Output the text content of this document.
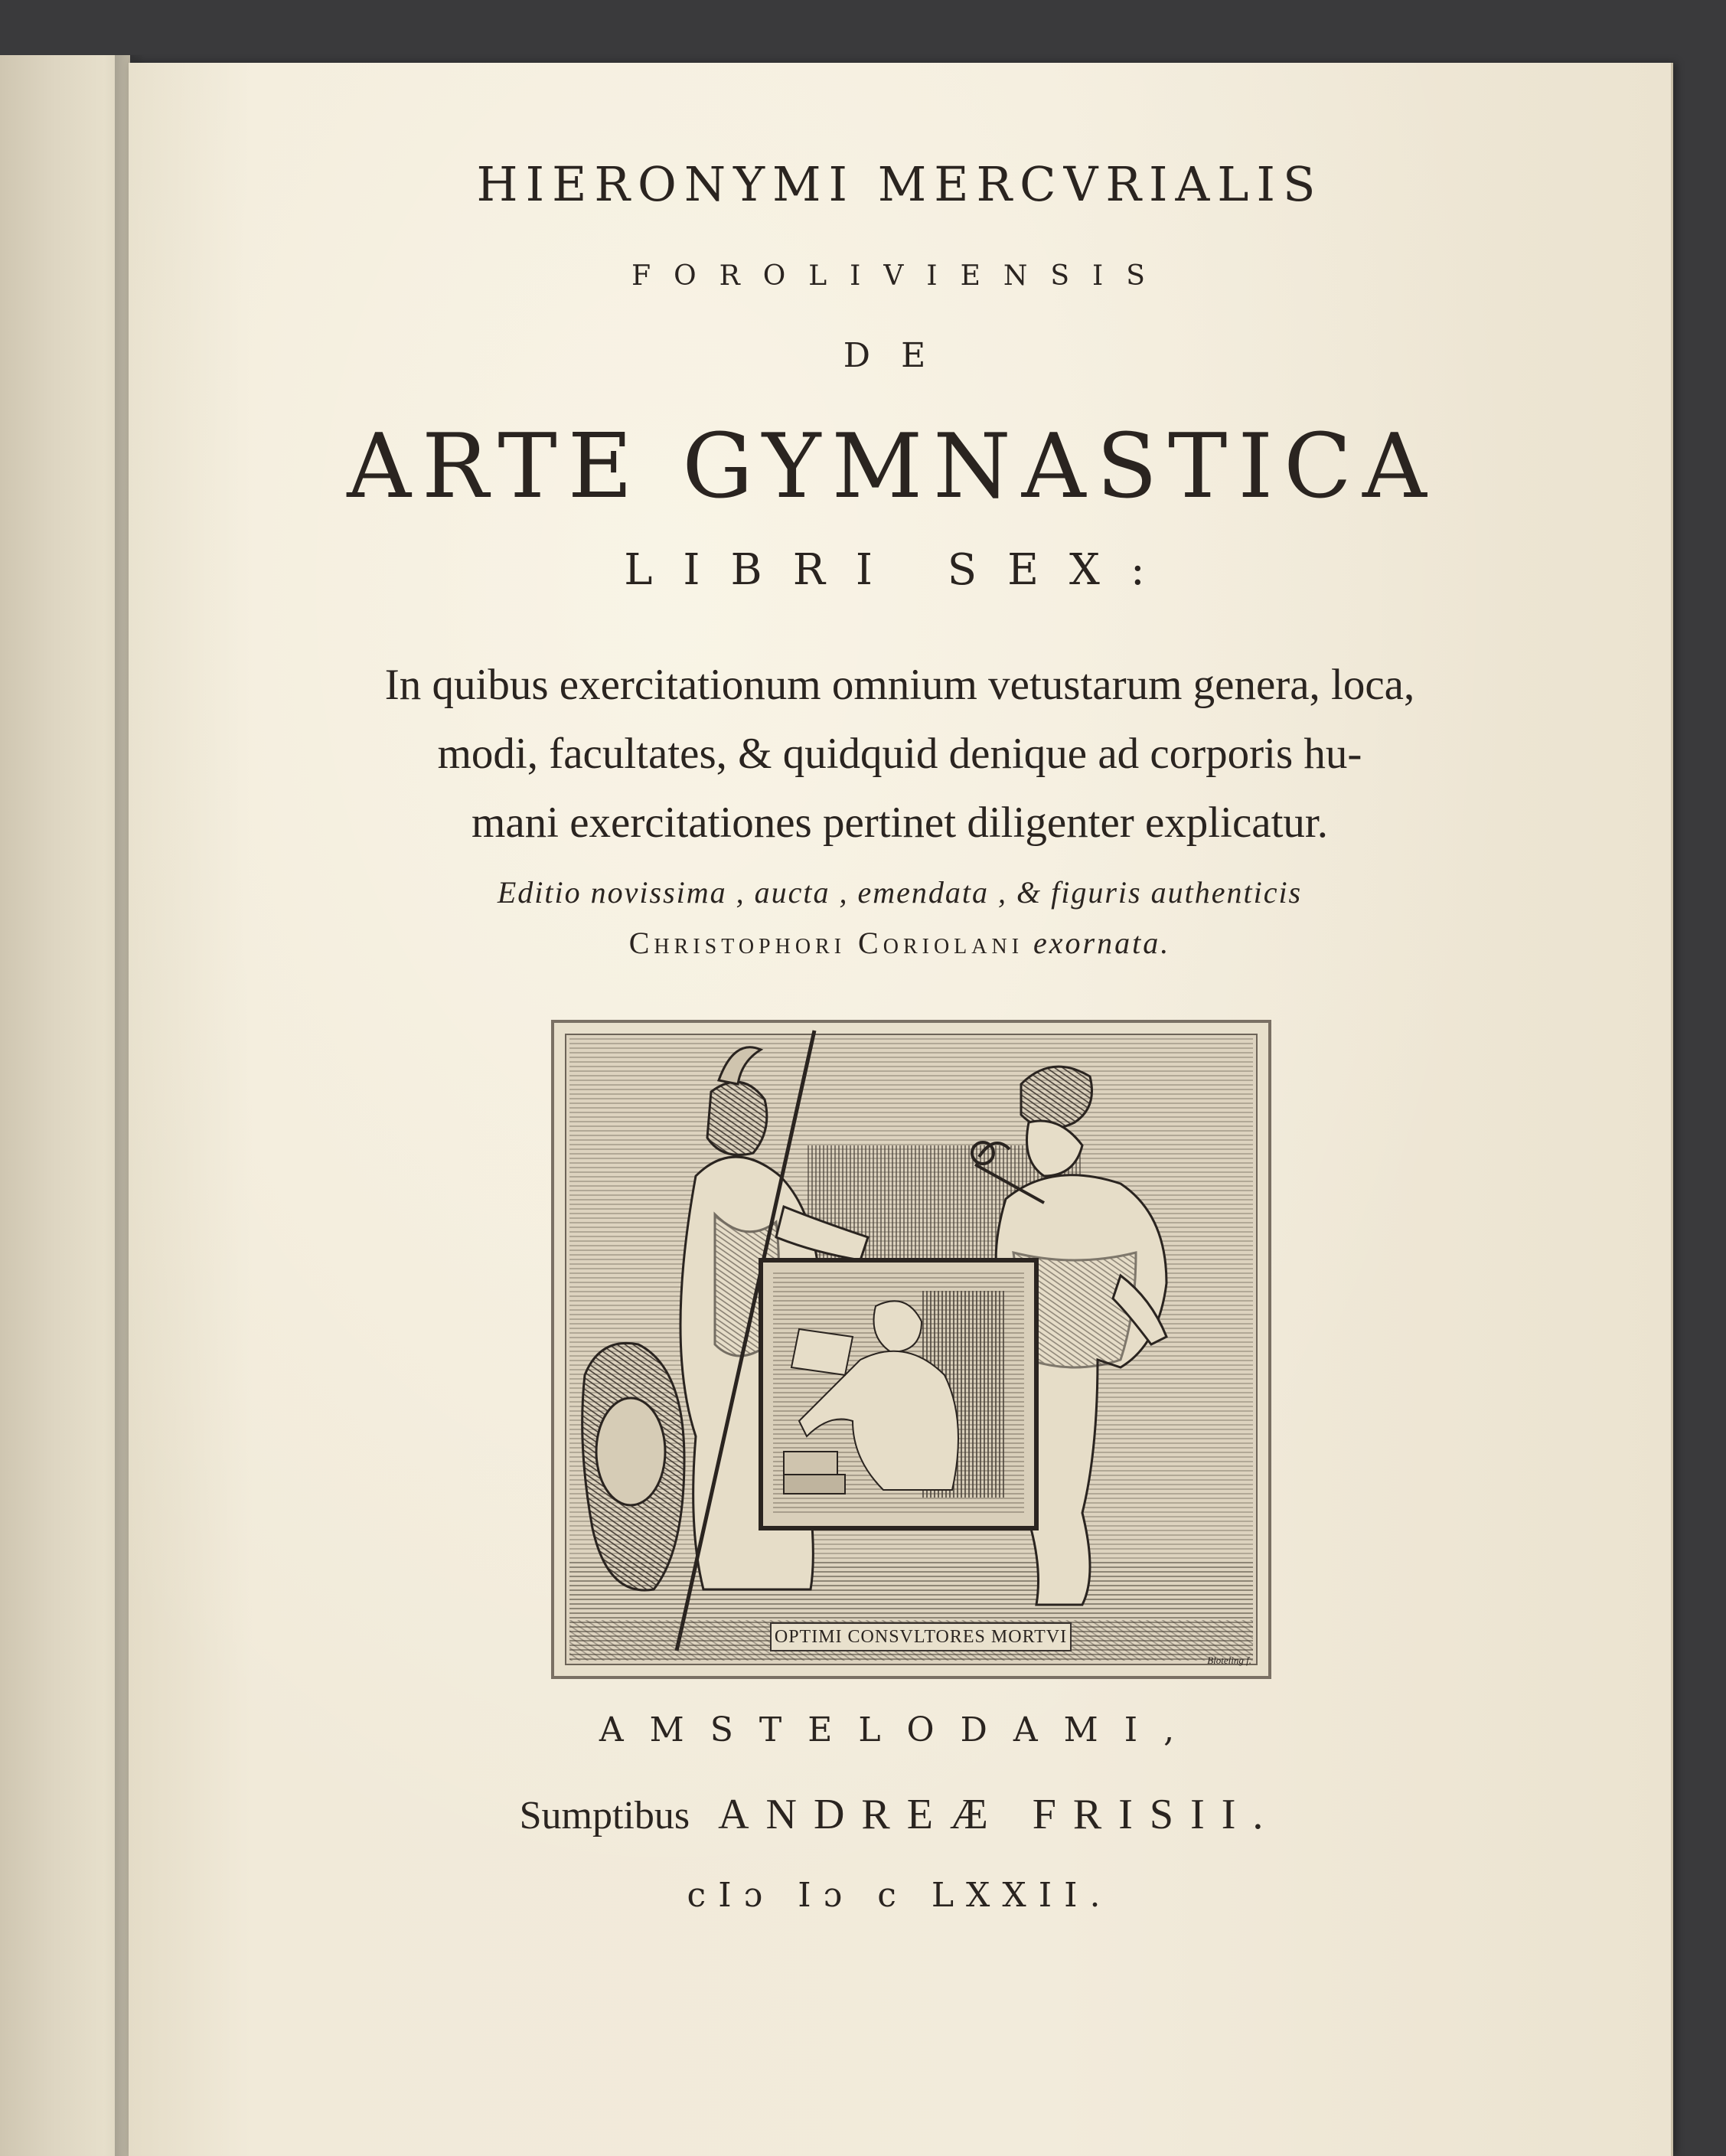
HIERONYMI MERCVRIALIS
FOROLIVIENSIS
DE
ARTE GYMNASTICA
LIBRI SEX:
In quibus exercitationum omnium vetustarum genera, loca,
modi, facultates, & quidquid denique ad corporis hu-
mani exercitationes pertinet diligenter explicatur.
Editio novissima , aucta , emendata , & figuris authenticis
Christophori Coriolani exornata.
OPTIMI CONSVLTORES MORTVI
Bloteling f.
AMSTELODAMI,
Sumptibus ANDREÆ FRISII.
cIɔ Iɔ c LXXII.
